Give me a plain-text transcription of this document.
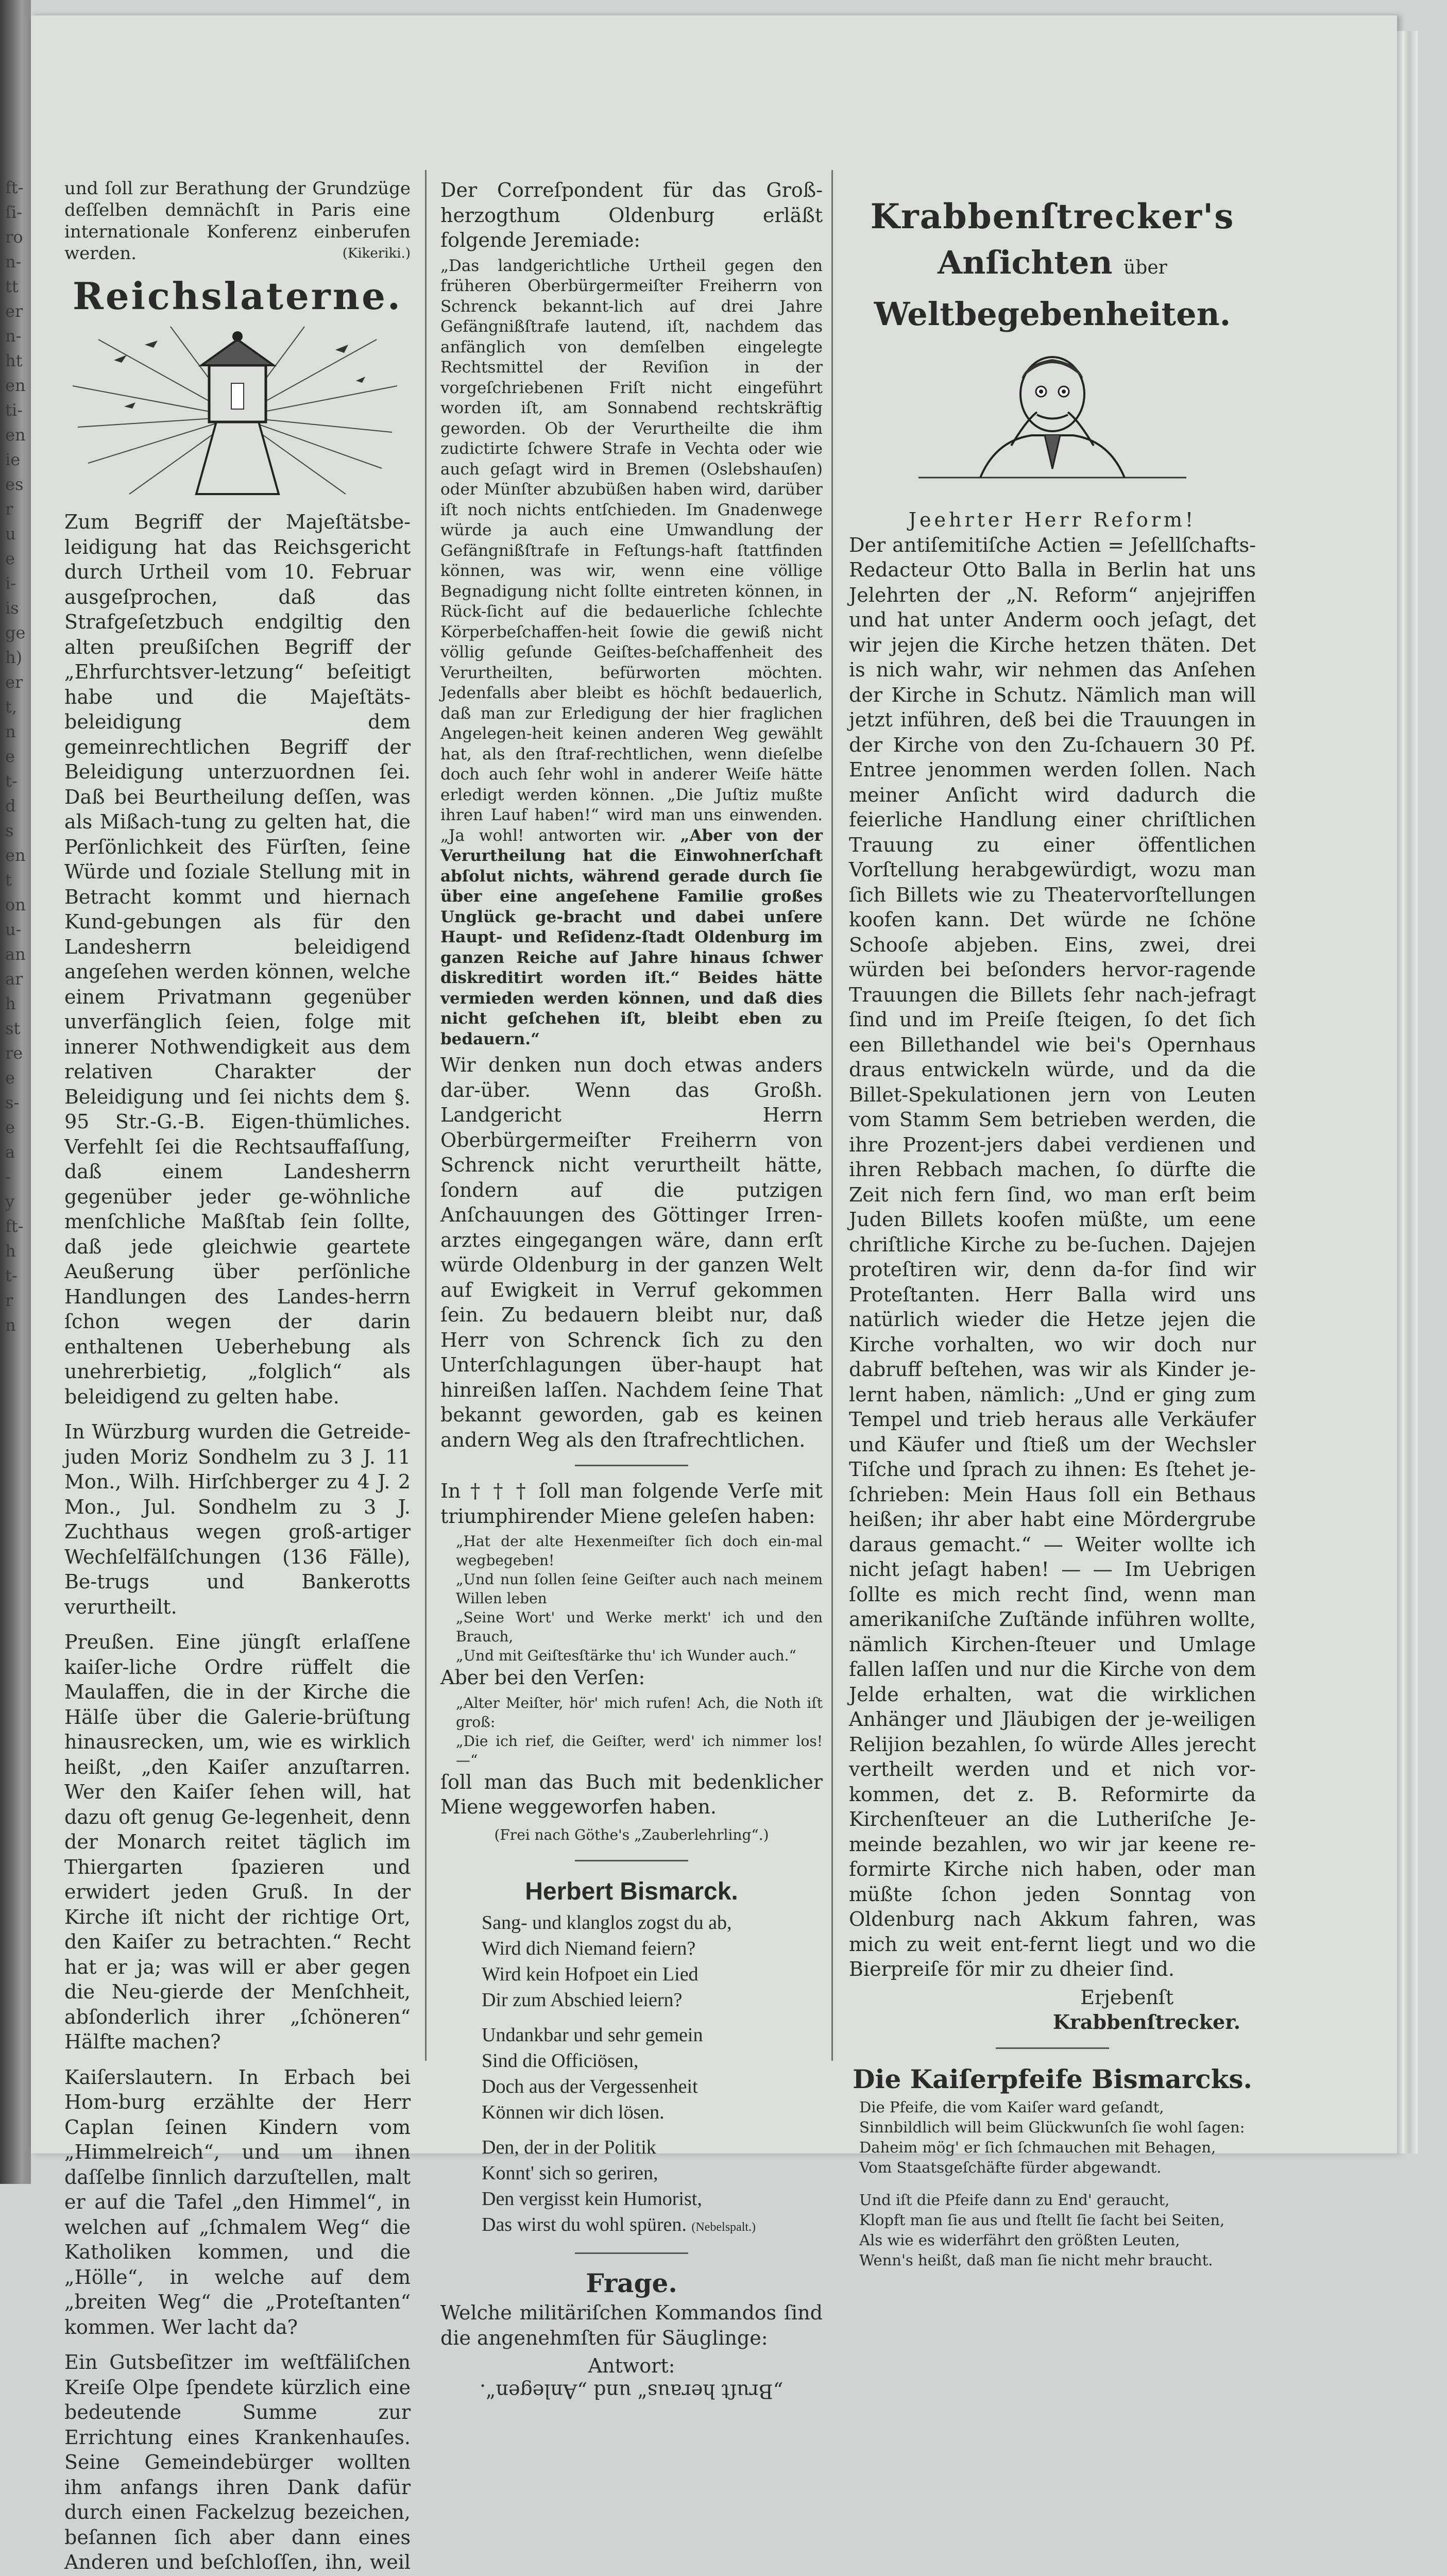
ft-
ſi-
ro
n-
tt
er
n-
ht
en
ti-
en
ie
es
r
u
e
i-
is
ge
h)
er
t,
n
e
t-
d
s
en
t
on
u-
an
ar
h
st
re
e
s-
e
a
-
y
ft-
h
t-
r
n

und ſoll zur Berathung der Grundzüge deſſelben demnächſt in Paris eine internationale Konferenz einberufen werden.	(Kikeriki.)

Reichslaterne.

Zum Begriff der Majeſtätsbe-leidigung hat das Reichsgericht durch Urtheil vom 10. Februar ausgeſprochen, daß das Strafgeſetzbuch endgiltig den alten preußiſchen Begriff der „Ehrfurchtsver-letzung“ beſeitigt habe und die Majeſtäts-beleidigung dem gemeinrechtlichen Begriff der Beleidigung unterzuordnen ſei. Daß bei Beurtheilung deſſen, was als Mißach-tung zu gelten hat, die Perſönlichkeit des Fürſten, ſeine Würde und ſoziale Stellung mit in Betracht kommt und hiernach Kund-gebungen als für den Landesherrn beleidigend angeſehen werden können, welche einem Privatmann gegenüber unverfänglich ſeien, folge mit innerer Nothwendigkeit aus dem relativen Charakter der Beleidigung und ſei nichts dem §. 95 Str.-G.-B. Eigen-thümliches. Verfehlt ſei die Rechtsauffaſſung, daß einem Landesherrn gegenüber jeder ge-wöhnliche menſchliche Maßſtab ſein ſollte, daß jede gleichwie geartete Aeußerung über perſönliche Handlungen des Landes-herrn ſchon wegen der darin enthaltenen Ueberhebung als unehrerbietig, „folglich“ als beleidigend zu gelten habe.

In Würzburg wurden die Getreide-juden Moriz Sondhelm zu 3 J. 11 Mon., Wilh. Hirſchberger zu 4 J. 2 Mon., Jul. Sondhelm zu 3 J. Zuchthaus wegen groß-artiger Wechſelfälſchungen (136 Fälle), Be-trugs und Bankerotts verurtheilt.

Preußen. Eine jüngſt erlaſſene kaiſer-liche Ordre rüffelt die Maulaffen, die in der Kirche die Hälſe über die Galerie-brüſtung hinausrecken, um, wie es wirklich heißt, „den Kaiſer anzuſtarren. Wer den Kaiſer ſehen will, hat dazu oft genug Ge-legenheit, denn der Monarch reitet täglich im Thiergarten ſpazieren und erwidert jeden Gruß. In der Kirche iſt nicht der richtige Ort, den Kaiſer zu betrachten.“ Recht hat er ja; was will er aber gegen die Neu-gierde der Menſchheit, abſonderlich ihrer „ſchöneren“ Hälfte machen?

Kaiſerslautern. In Erbach bei Hom-burg erzählte der Herr Caplan ſeinen Kindern vom „Himmelreich“, und um ihnen daſſelbe ſinnlich darzuſtellen, malt er auf die Tafel „den Himmel“, in welchen auf „ſchmalem Weg“ die Katholiken kommen, und die „Hölle“, in welche auf dem „breiten Weg“ die „Proteſtanten“ kommen. Wer lacht da?

Ein Gutsbeſitzer im weſtfäliſchen Kreiſe Olpe ſpendete kürzlich eine bedeutende Summe zur Errichtung eines Krankenhauſes. Seine Gemeindebürger wollten ihm anfangs ihren Dank dafür durch einen Fackelzug bezeichen, beſannen ſich aber dann eines Anderen und beſchloſſen, ihn, weil

Der Correſpondent für das Groß-herzogthum Oldenburg erläßt folgende Jeremiade:

„Das landgerichtliche Urtheil gegen den früheren Oberbürgermeiſter Freiherrn von Schrenck bekannt-lich auf drei Jahre Gefängnißſtrafe lautend, iſt, nachdem das anfänglich von demſelben eingelegte Rechtsmittel der Reviſion in der vorgeſchriebenen Friſt nicht eingeführt worden iſt, am Sonnabend rechtskräftig geworden. Ob der Verurtheilte die ihm zudictirte ſchwere Strafe in Vechta oder wie auch geſagt wird in Bremen (Oslebshauſen) oder Münſter abzubüßen haben wird, darüber iſt noch nichts entſchieden. Im Gnadenwege würde ja auch eine Umwandlung der Gefängnißſtrafe in Feſtungs-haft ſtattfinden können, was wir, wenn eine völlige Begnadigung nicht ſollte eintreten können, in Rück-ſicht auf die bedauerliche ſchlechte Körperbeſchaffen-heit ſowie die gewiß nicht völlig geſunde Geiſtes-beſchaffenheit des Verurtheilten, befürworten möchten. Jedenfalls aber bleibt es höchſt bedauerlich, daß man zur Erledigung der hier fraglichen Angelegen-heit keinen anderen Weg gewählt hat, als den ſtraf-rechtlichen, wenn dieſelbe doch auch ſehr wohl in anderer Weiſe hätte erledigt werden können. „Die Juſtiz mußte ihren Lauf haben!“ wird man uns einwenden. „Ja wohl! antworten wir. „Aber von der Verurtheilung hat die Einwohnerſchaft abſolut nichts, während gerade durch ſie über eine angeſehene Familie großes Unglück ge-bracht und dabei unſere Haupt- und Reſidenz-ſtadt Oldenburg im ganzen Reiche auf Jahre hinaus ſchwer diskreditirt worden iſt.“ Beides hätte vermieden werden können, und daß dies nicht geſchehen iſt, bleibt eben zu bedauern.“

Wir denken nun doch etwas anders dar-über. Wenn das Großh. Landgericht Herrn Oberbürgermeiſter Freiherrn von Schrenck nicht verurtheilt hätte, ſondern auf die putzigen Anſchauungen des Göttinger Irren-arztes eingegangen wäre, dann erſt würde Oldenburg in der ganzen Welt auf Ewigkeit in Verruf gekommen ſein. Zu bedauern bleibt nur, daß Herr von Schrenck ſich zu den Unterſchlagungen über-haupt hat hinreißen laſſen. Nachdem ſeine That bekannt geworden, gab es keinen andern Weg als den ſtrafrechtlichen.

In † † † ſoll man folgende Verſe mit triumphirender Miene geleſen haben:

„Hat der alte Hexenmeiſter ſich doch ein-mal wegbegeben!
„Und nun ſollen ſeine Geiſter auch nach meinem Willen leben
„Seine Wort' und Werke merkt' ich und den Brauch,
„Und mit Geiſtesſtärke thu' ich Wunder auch.“

Aber bei den Verſen:

„Alter Meiſter, hör' mich rufen! Ach, die Noth iſt groß:
„Die ich rief, die Geiſter, werd' ich nimmer los! —“

ſoll man das Buch mit bedenklicher Miene weggeworfen haben.

(Frei nach Göthe's „Zauberlehrling“.)
Herbert Bismarck.
Sang- und klanglos zogst du ab,
Wird dich Niemand feiern?
Wird kein Hofpoet ein Lied
Dir zum Abschied leiern?
Undankbar und sehr gemein
Sind die Officiösen,
Doch aus der Vergessenheit
Können wir dich lösen.
Den, der in der Politik
Konnt' sich so geriren,
Den vergisst kein Humorist,
Das wirst du wohl spüren. (Nebelspalt.)
Frage.

Welche militäriſchen Kommandos ſind die angenehmſten für Säuglinge:

Antwort:
„Bruſt heraus“ und „Anlegen“.
Krabbenſtrecker's
Anſichten über Weltbegebenheiten.
Jeehrter Herr Reform!

Der antiſemitiſche Actien = Jeſellſchafts-Redacteur Otto Balla in Berlin hat uns Jelehrten der „N. Reform“ anjejriffen und hat unter Anderm ooch jeſagt, det wir jejen die Kirche hetzen thäten. Det is nich wahr, wir nehmen das Anſehen der Kirche in Schutz. Nämlich man will jetzt inführen, deß bei die Trauungen in der Kirche von den Zu-ſchauern 30 Pf. Entree jenommen werden ſollen. Nach meiner Anſicht wird dadurch die feierliche Handlung einer chriſtlichen Trauung zu einer öffentlichen Vorſtellung herabgewürdigt, wozu man ſich Billets wie zu Theatervorſtellungen koofen kann. Det würde ne ſchöne Schooſe abjeben. Eins, zwei, drei würden bei beſonders hervor-ragende Trauungen die Billets ſehr nach-jefragt ſind und im Preiſe ſteigen, ſo det ſich een Billethandel wie bei's Opernhaus draus entwickeln würde, und da die Billet-Spekulationen jern von Leuten vom Stamm Sem betrieben werden, die ihre Prozent-jers dabei verdienen und ihren Rebbach machen, ſo dürfte die Zeit nich fern ſind, wo man erſt beim Juden Billets koofen müßte, um eene chriſtliche Kirche zu be-ſuchen. Dajejen proteſtiren wir, denn da-for ſind wir Proteſtanten. Herr Balla wird uns natürlich wieder die Hetze jejen die Kirche vorhalten, wo wir doch nur dabruff beſtehen, was wir als Kinder je-lernt haben, nämlich: „Und er ging zum Tempel und trieb heraus alle Verkäufer und Käufer und ſtieß um der Wechsler Tiſche und ſprach zu ihnen: Es ſtehet je-ſchrieben: Mein Haus ſoll ein Bethaus heißen; ihr aber habt eine Mördergrube daraus gemacht.“ — Weiter wollte ich nicht jeſagt haben! — — Im Uebrigen ſollte es mich recht ſind, wenn man amerikaniſche Zuſtände inführen wollte, nämlich Kirchen-ſteuer und Umlage fallen laſſen und nur die Kirche von dem Jelde erhalten, wat die wirklichen Anhänger und Jläubigen der je-weiligen Relijion bezahlen, ſo würde Alles jerecht vertheilt werden und et nich vor-kommen, det z. B. Reformirte da Kirchenſteuer an die Lutheriſche Je-meinde bezahlen, wo wir jar keene re-formirte Kirche nich haben, oder man müßte ſchon jeden Sonntag von Oldenburg nach Akkum fahren, was mich zu weit ent-fernt liegt und wo die Bierpreiſe för mir zu dheier ſind.

Erjebenſt
Krabbenſtrecker.
Die Kaiſerpfeife Bismarcks.
Die Pfeife, die vom Kaiſer ward geſandt,
Sinnbildlich will beim Glückwunſch ſie wohl ſagen:
Daheim mög' er ſich ſchmauchen mit Behagen,
Vom Staatsgeſchäfte fürder abgewandt.
Und iſt die Pfeife dann zu End' geraucht,
Klopft man ſie aus und ſtellt ſie ſacht bei Seiten,
Als wie es widerfährt den größten Leuten,
Wenn's heißt, daß man ſie nicht mehr braucht.
